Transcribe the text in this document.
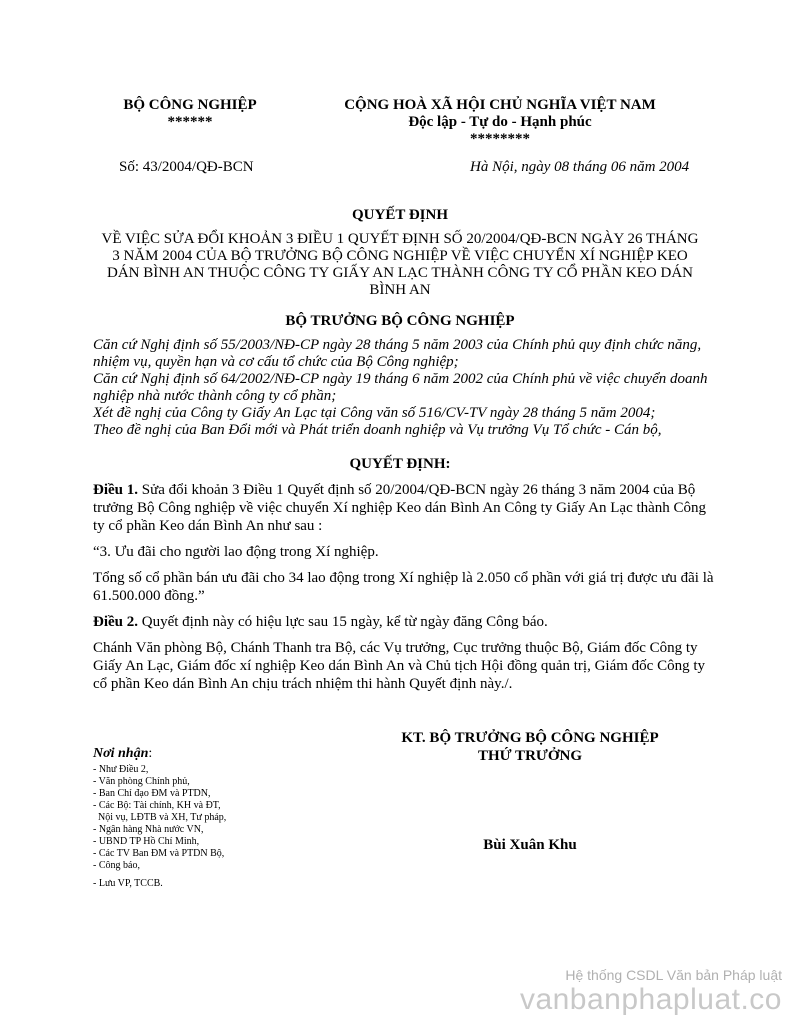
BỘ CÔNG NGHIỆP
******
CỘNG HOÀ XÃ HỘI CHỦ NGHĨA VIỆT NAM
Độc lập - Tự do - Hạnh phúc
********
Số: 43/2004/QĐ-BCN	Hà Nội, ngày 08 tháng 06 năm 2004
QUYẾT ĐỊNH
VỀ VIỆC SỬA ĐỔI KHOẢN 3 ĐIỀU 1 QUYẾT ĐỊNH SỐ 20/2004/QĐ-BCN NGÀY 26 THÁNG 3 NĂM 2004 CỦA BỘ TRƯỞNG BỘ CÔNG NGHIỆP VỀ VIỆC CHUYỂN XÍ NGHIỆP KEO DÁN BÌNH AN THUỘC CÔNG TY GIẤY AN LẠC THÀNH CÔNG TY CỔ PHẦN KEO DÁN BÌNH AN
BỘ TRƯỞNG BỘ CÔNG NGHIỆP

Căn cứ Nghị định số 55/2003/NĐ-CP ngày 28 tháng 5 năm 2003 của Chính phủ quy định chức năng, nhiệm vụ, quyền hạn và cơ cấu tổ chức của Bộ Công nghiệp;

Căn cứ Nghị định số 64/2002/NĐ-CP ngày 19 tháng 6 năm 2002 của Chính phủ về việc chuyển doanh nghiệp nhà nước thành công ty cổ phần;

Xét đề nghị của Công ty Giấy An Lạc tại Công văn số 516/CV-TV ngày 28 tháng 5 năm 2004;

Theo đề nghị của Ban Đổi mới và Phát triển doanh nghiệp và Vụ trưởng Vụ Tổ chức - Cán bộ,

QUYẾT ĐỊNH:

Điều 1. Sửa đổi khoản 3 Điều 1 Quyết định số 20/2004/QĐ-BCN ngày 26 tháng 3 năm 2004 của Bộ trưởng Bộ Công nghiệp về việc chuyển Xí nghiệp Keo dán Bình An Công ty Giấy An Lạc thành Công ty cổ phần Keo dán Bình An như sau :

“3. Ưu đãi cho người lao động trong Xí nghiệp.

Tổng số cổ phần bán ưu đãi cho 34 lao động trong Xí nghiệp là 2.050 cổ phần với giá trị được ưu đãi là 61.500.000 đồng.”

Điều 2. Quyết định này có hiệu lực sau 15 ngày, kể từ ngày đăng Công báo.

Chánh Văn phòng Bộ, Chánh Thanh tra Bộ, các Vụ trưởng, Cục trưởng thuộc Bộ, Giám đốc Công ty Giấy An Lạc, Giám đốc xí nghiệp Keo dán Bình An và Chủ tịch Hội đồng quản trị, Giám đốc Công ty cổ phần Keo dán Bình An chịu trách nhiệm thi hành Quyết định này./.

KT. BỘ TRƯỞNG BỘ CÔNG NGHIỆP
THỨ TRƯỞNG
Bùi Xuân Khu
Nơi nhận:
- Như Điều 2,
- Văn phòng Chính phủ,
- Ban Chỉ đạo ĐM và PTDN,
- Các Bộ: Tài chính, KH và ĐT,
Nội vụ, LĐTB và XH, Tư pháp,
- Ngân hàng Nhà nước VN,
- UBND TP Hồ Chí Minh,
- Các TV Ban ĐM và PTDN Bộ,
- Công báo,
- Lưu VP, TCCB.
Hệ thống CSDL Văn bản Pháp luật
vanbanphapluat.co
